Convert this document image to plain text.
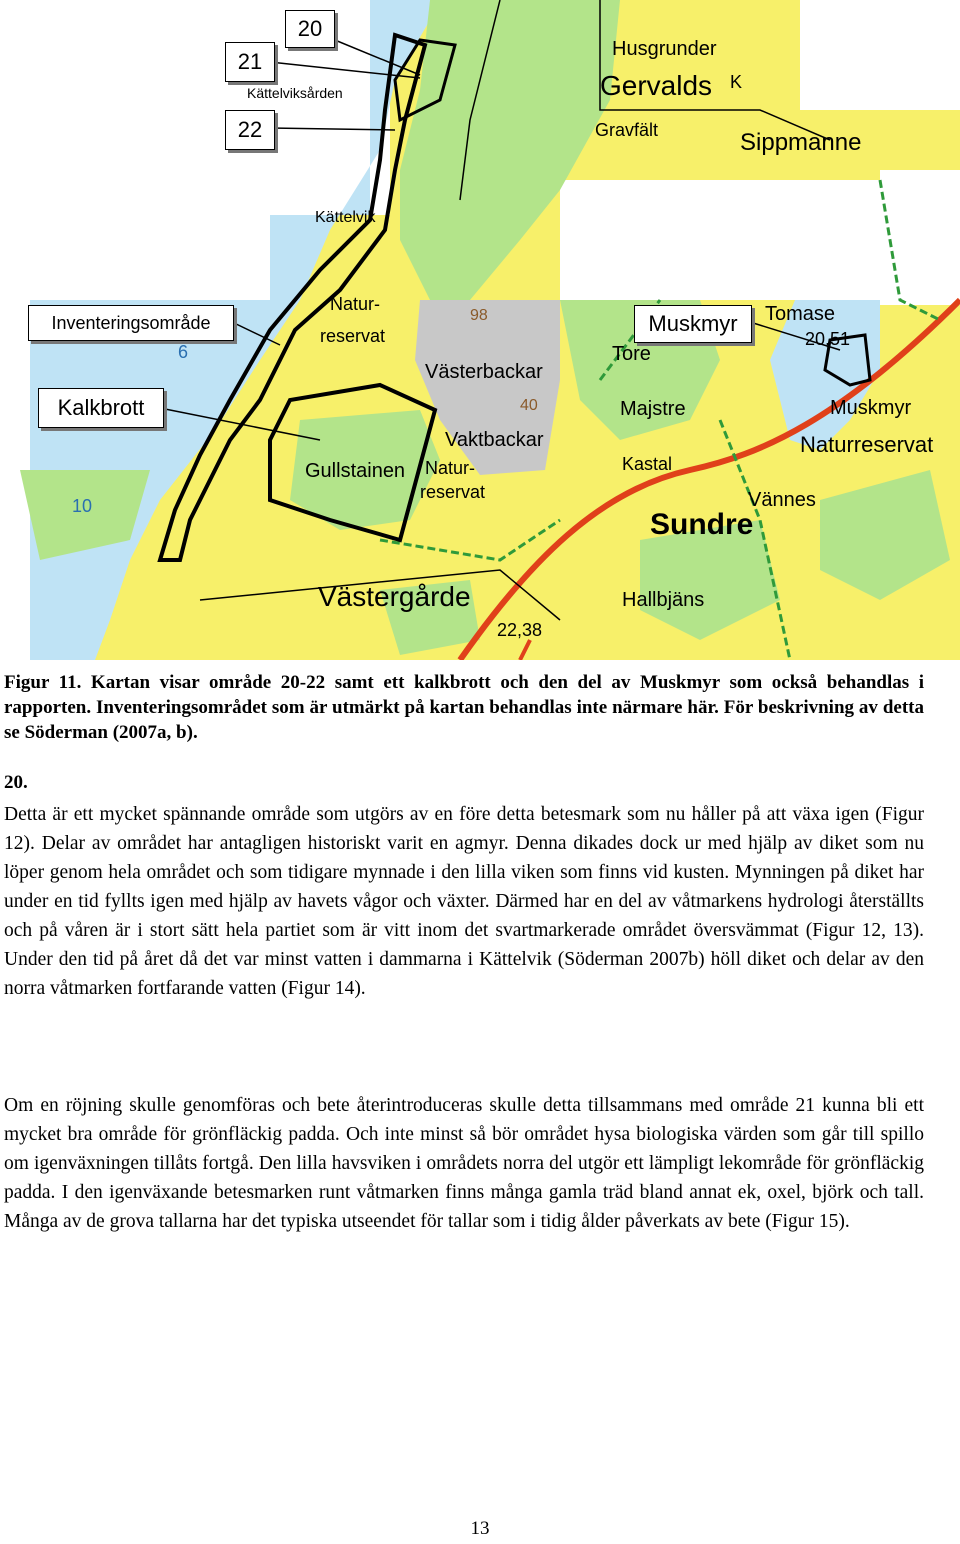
Husgrunder
Gervalds K
Gravfält	Sippmanne
Kättelviksården
Kättelvik
Natur-
reservat
Västerbackar
Vaktbackar
Gullstainen Natur-
reservat
Tomase
20,51
Tore
Majstre	Muskmyr
Naturreservat
Kastal
Vännes
Sundre
Västergårde	Hallbjäns
22,38
10
6
40
98
20
21
22
Inventeringsområde
Kalkbrott
Muskmyr
Figur 11. Kartan visar område 20-22 samt ett kalkbrott och den del av Muskmyr som också behandlas i rapporten. Inventeringsområdet som är utmärkt på kartan behandlas inte närmare här. För beskrivning av detta se Söderman (2007a, b).
20.

Detta är ett mycket spännande område som utgörs av en före detta betesmark som nu håller på att växa igen (Figur 12). Delar av området har antagligen historiskt varit en agmyr. Denna dikades dock ur med hjälp av diket som nu löper genom hela området och som tidigare mynnade i den lilla viken som finns vid kusten. Mynningen på diket har under en tid fyllts igen med hjälp av havets vågor och växter. Därmed har en del av våtmarkens hydrologi återställts och på våren är i stort sätt hela partiet som är vitt inom det svartmarkerade området översvämmat (Figur 12, 13). Under den tid på året då det var minst vatten i dammarna i Kättelvik (Söderman 2007b) höll diket och delar av den norra våtmarken fortfarande vatten (Figur 14).

Om en röjning skulle genomföras och bete återintroduceras skulle detta tillsammans med område 21 kunna bli ett mycket bra område för grönfläckig padda. Och inte minst så bör området hysa biologiska värden som går till spillo om igenväxningen tillåts fortgå. Den lilla havsviken i områdets norra del utgör ett lämpligt lekområde för grönfläckig padda. I den igenväxande betesmarken runt våtmarken finns många gamla träd bland annat ek, oxel, björk och tall. Många av de grova tallarna har det typiska utseendet för tallar som i tidig ålder påverkats av bete (Figur 15).

13
